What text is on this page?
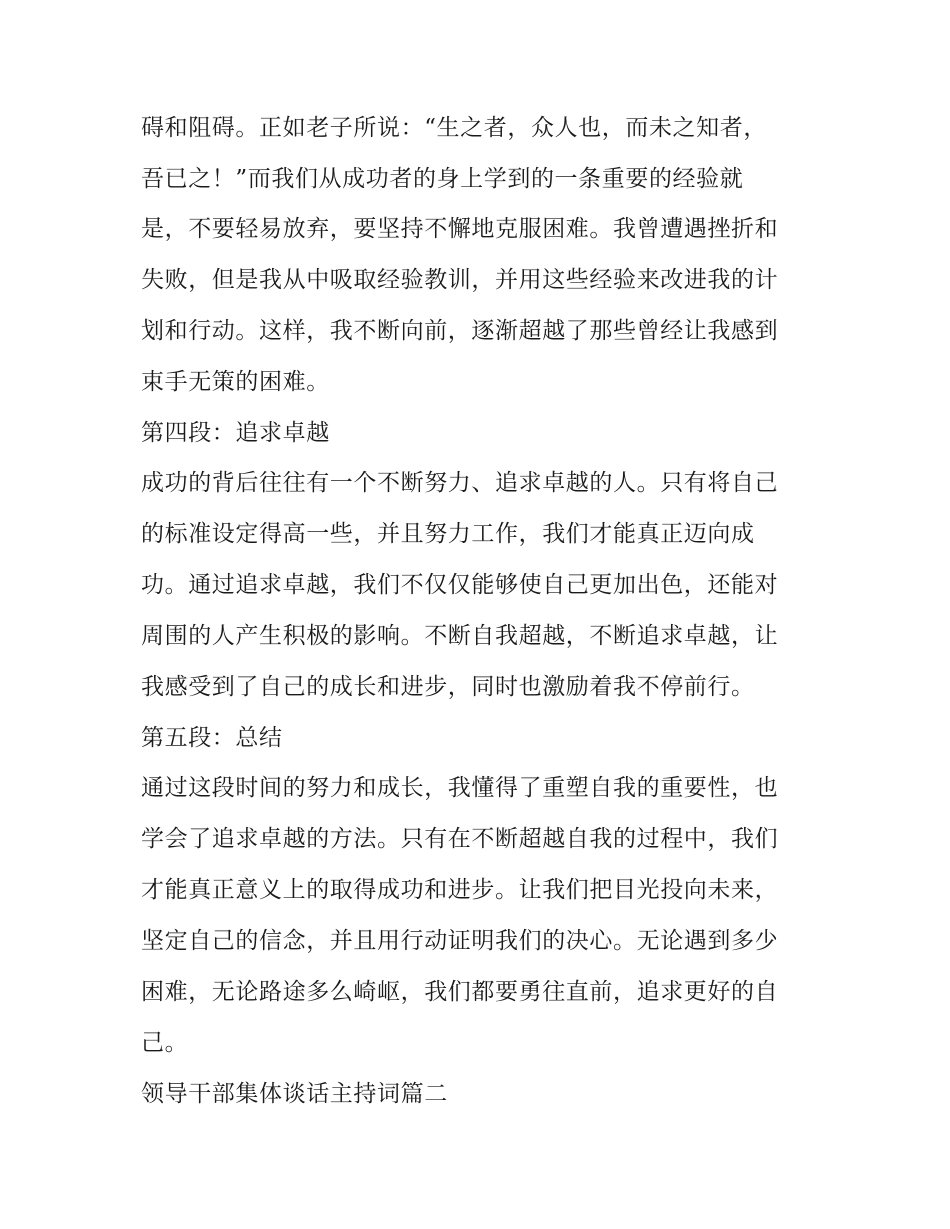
碍和阻碍。正如老子所说：“生之者，众人也，而未之知者，
吾已之！”而我们从成功者的身上学到的一条重要的经验就
是，不要轻易放弃，要坚持不懈地克服困难。我曾遭遇挫折和
失败，但是我从中吸取经验教训，并用这些经验来改进我的计
划和行动。这样，我不断向前，逐渐超越了那些曾经让我感到
束手无策的困难。
第四段：追求卓越
成功的背后往往有一个不断努力、追求卓越的人。只有将自己
的标准设定得高一些，并且努力工作，我们才能真正迈向成
功。通过追求卓越，我们不仅仅能够使自己更加出色，还能对
周围的人产生积极的影响。不断自我超越，不断追求卓越，让
我感受到了自己的成长和进步，同时也激励着我不停前行。
第五段：总结
通过这段时间的努力和成长，我懂得了重塑自我的重要性，也
学会了追求卓越的方法。只有在不断超越自我的过程中，我们
才能真正意义上的取得成功和进步。让我们把目光投向未来，
坚定自己的信念，并且用行动证明我们的决心。无论遇到多少
困难，无论路途多么崎岖，我们都要勇往直前，追求更好的自
己。
领导干部集体谈话主持词篇二
